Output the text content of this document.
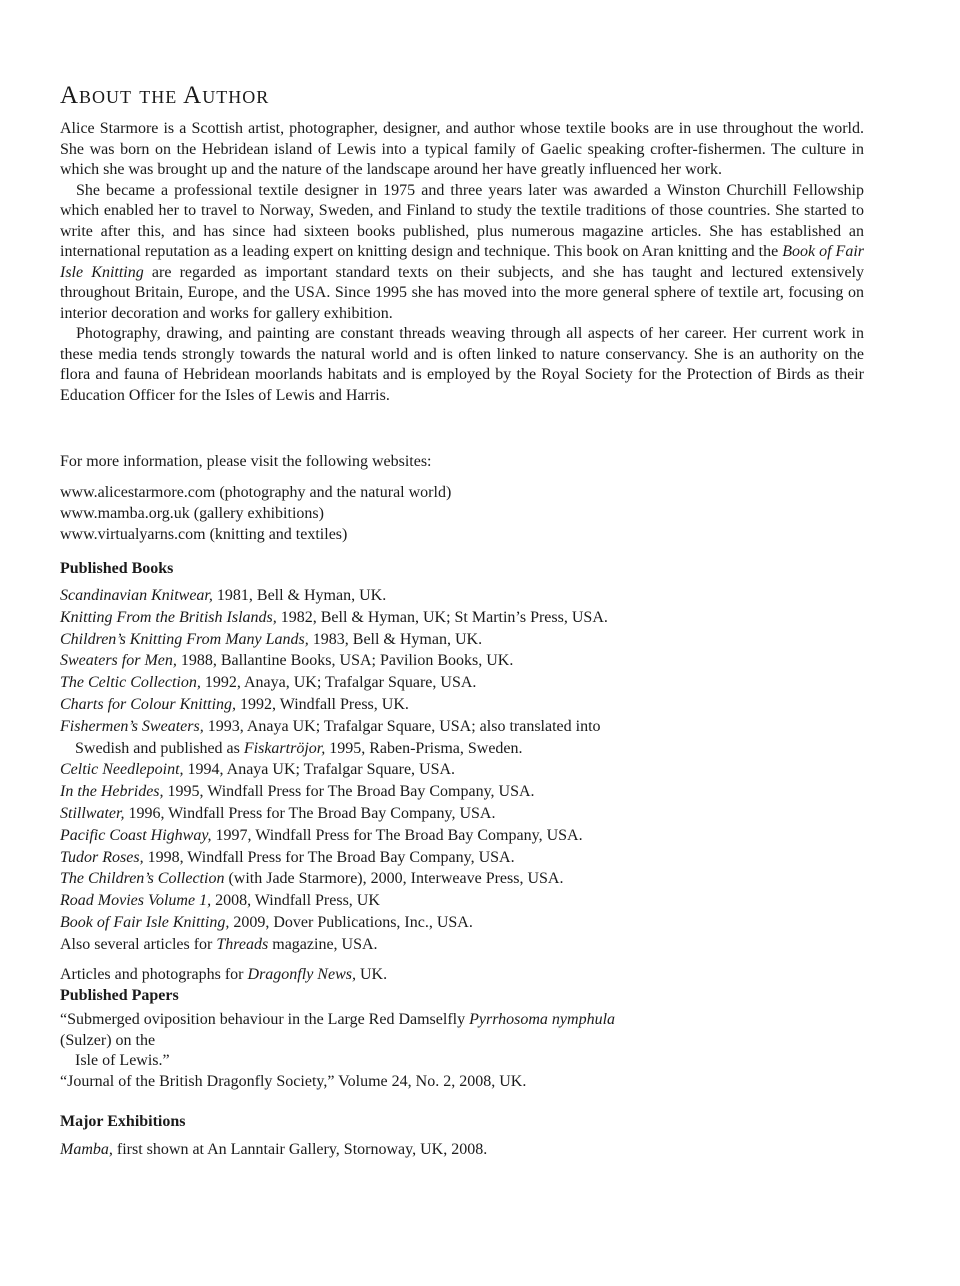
About the Author

Alice Starmore is a Scottish artist, photographer, designer, and author whose textile books are in use throughout the world. She was born on the Hebridean island of Lewis into a typical family of Gaelic speaking crofter-fishermen. The culture in which she was brought up and the nature of the landscape around her have greatly influenced her work.

She became a professional textile designer in 1975 and three years later was awarded a Winston Churchill Fellowship which enabled her to travel to Norway, Sweden, and Finland to study the textile traditions of those countries. She started to write after this, and has since had sixteen books published, plus numerous magazine articles. She has established an international reputation as a leading expert on knitting design and technique. This book on Aran knitting and the Book of Fair Isle Knitting are regarded as important standard texts on their subjects, and she has taught and lectured extensively throughout Britain, Europe, and the USA. Since 1995 she has moved into the more general sphere of textile art, focusing on interior decoration and works for gallery exhibition.

Photography, drawing, and painting are constant threads weaving through all aspects of her career. Her current work in these media tends strongly towards the natural world and is often linked to nature conservancy. She is an authority on the flora and fauna of Hebridean moorlands habitats and is employed by the Royal Society for the Protection of Birds as their Education Officer for the Isles of Lewis and Harris.

For more information, please visit the following websites:

www.alicestarmore.com (photography and the natural world)
www.mamba.org.uk (gallery exhibitions)
www.virtualyarns.com (knitting and textiles)
Published Books
Scandinavian Knitwear, 1981, Bell & Hyman, UK.
Knitting From the British Islands, 1982, Bell & Hyman, UK; St Martin’s Press, USA.
Children’s Knitting From Many Lands, 1983, Bell & Hyman, UK.
Sweaters for Men, 1988, Ballantine Books, USA; Pavilion Books, UK.
The Celtic Collection, 1992, Anaya, UK; Trafalgar Square, USA.
Charts for Colour Knitting, 1992, Windfall Press, UK.
Fishermen’s Sweaters, 1993, Anaya UK; Trafalgar Square, USA; also translated into
Swedish and published as Fiskartröjor, 1995, Raben-Prisma, Sweden.
Celtic Needlepoint, 1994, Anaya UK; Trafalgar Square, USA.
In the Hebrides, 1995, Windfall Press for The Broad Bay Company, USA.
Stillwater, 1996, Windfall Press for The Broad Bay Company, USA.
Pacific Coast Highway, 1997, Windfall Press for The Broad Bay Company, USA.
Tudor Roses, 1998, Windfall Press for The Broad Bay Company, USA.
The Children’s Collection (with Jade Starmore), 2000, Interweave Press, USA.
Road Movies Volume 1, 2008, Windfall Press, UK
Book of Fair Isle Knitting, 2009, Dover Publications, Inc., USA.
Also several articles for Threads magazine, USA.
Articles and photographs for Dragonfly News, UK.
Published Papers
“Submerged oviposition behaviour in the Large Red Damselfly Pyrrhosoma nymphula
(Sulzer) on the
Isle of Lewis.”
“Journal of the British Dragonfly Society,” Volume 24, No. 2, 2008, UK.
Major Exhibitions
Mamba, first shown at An Lanntair Gallery, Stornoway, UK, 2008.
